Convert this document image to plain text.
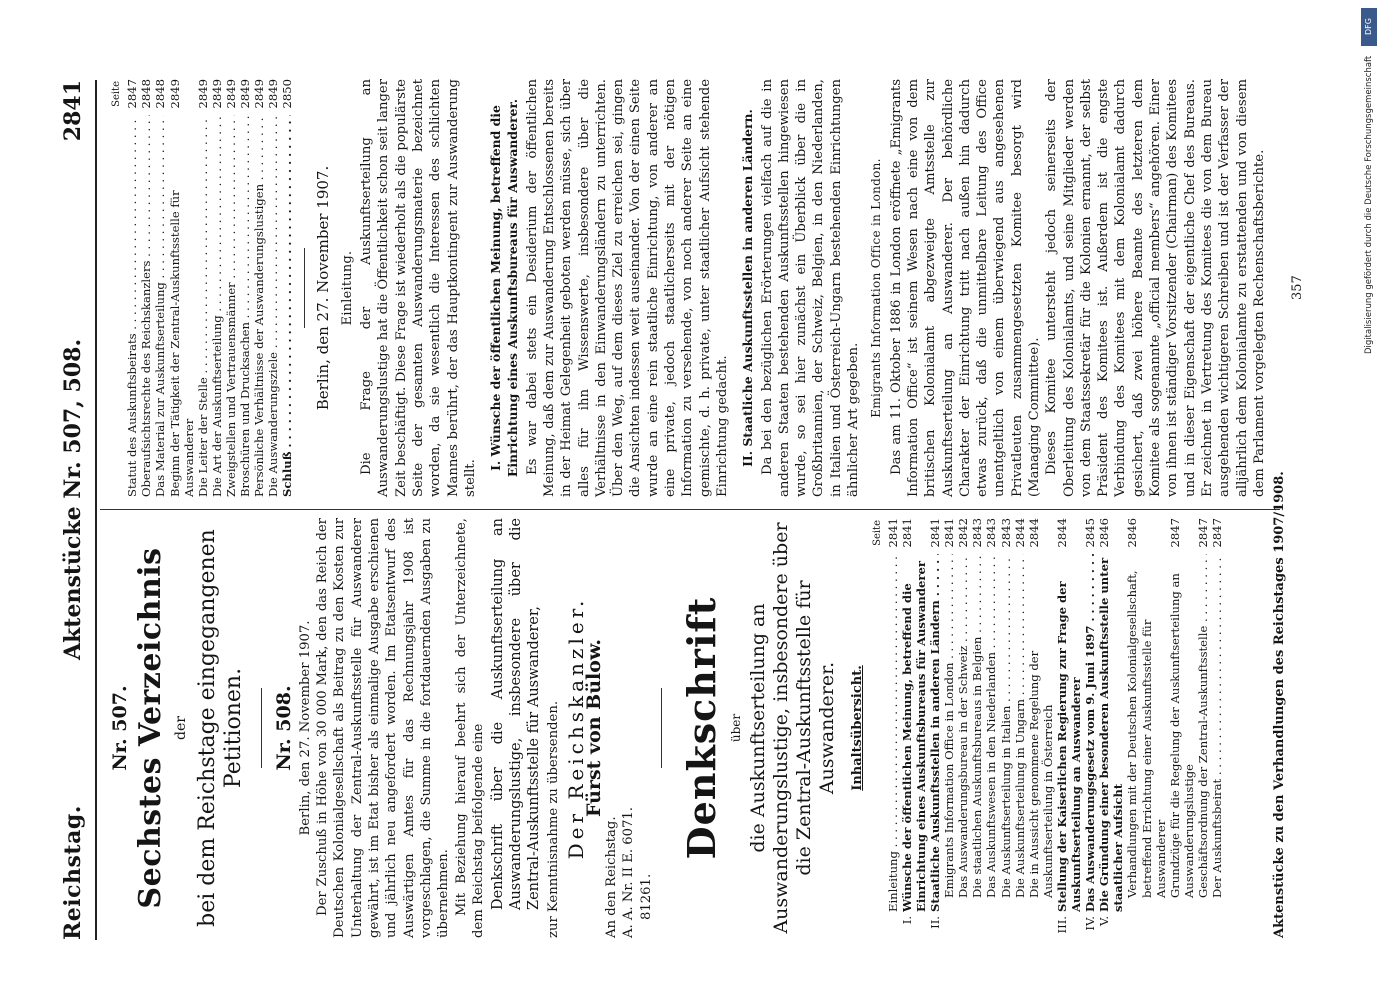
Reichstag.
Aktenstücke Nr. 507, 508.
2841
Nr. 507. Sechstes Verzeichnis der bei dem Reichstage eingegangenen Petitionen. Nr. 508. Berlin, den 27. November 1907. Der Zuschuß in Höhe von 30 000 Mark, den das Reich der Deutschen Kolonialgesellschaft als Beitrag zu den Kosten zur Unterhaltung der Zentral-Auskunftsstelle für Auswanderer gewährt, ist im Etat bisher als einmalige Ausgabe erschienen und jährlich neu angefordert worden. Im Etatsentwurf des Auswärtigen Amtes für das Rechnungsjahr 1908 ist vorgeschlagen, die Summe in die fortdauernden Ausgaben zu übernehmen. Mit Beziehung hierauf beehrt sich der Unterzeichnete, dem Reichstag beifolgende eine Denkschrift über die Auskunftserteilung an Auswanderungslustige, insbesondere über die Zentral-Auskunftsstelle für Auswanderer, zur Kenntnisnahme zu übersenden. Der Reichskanzler.
Fürst von Bülow.
An den Reichstag. A. A. Nr. II E. 6071. 81261.
Denkschrift über die Auskunftserteilung an Auswanderungslustige, insbesondere über die Zentral-Auskunftsstelle für Auswanderer. Inhaltsübersicht.
Seite
Einleitung . . .
2841
I.
Wünsche der öffentlichen Meinung, betreffend die Einrichtung eines Auskunftsbureaus für Auswanderer
2841
II.
Staatliche Auskunftsstellen in anderen Ländern . . .
2841
Emigrants Information Office in London . . .
2841
Das Auswanderungsbureau in der Schweiz . . .
2842
Die staatlichen Auskunftsbureaus in Belgien . . .
2843
Das Auskunftswesen in den Niederlanden . . .
2843
Die Auskunftserteilung in Italien . . .
2843
Die Auskunftserteilung in Ungarn . . .
2844
Die in Aussicht genommene Regelung der Auskunftserteilung in Österreich
2844
III.
Stellung der Kaiserlichen Regierung zur Frage der Auskunftserteilung an Auswanderer
2844
IV.
Das Auswanderungsgesetz vom 9. Juni 1897 . . .
2845
V.
Die Gründung einer besonderen Auskunftsstelle unter staatlicher Aufsicht
2846
Verhandlungen mit der Deutschen Kolonialgesellschaft, betreffend Errichtung einer Auskunftsstelle für Auswanderer
2846
Grundzüge für die Regelung der Auskunftserteilung an Auswanderungslustige
2847
Geschäftsordnung der Zentral-Auskunftsstelle . . .
2847
Der Auskunftsbeirat . . .
2847	Aktenstücke zu den Verhandlungen des Reichstages 1907/1908.
Seite
Statut des Auskunftsbeirats . . .
2847
Oberaufsichtsrechte des Reichskanzlers . . .
2848
Das Material zur Auskunftserteilung . . .
2848
Beginn der Tätigkeit der Zentral-Auskunftsstelle für Auswanderer
2849
Die Leiter der Stelle . . .
2849
Die Art der Auskunftserteilung . . .
2849
Zweigstellen und Vertrauensmänner . . .
2849
Broschüren und Drucksachen . . .
2849
Persönliche Verhältnisse der Auswanderungslustigen . . .
2849
Die Auswanderungsziele . . .
2849
Schluß . . .
2850
Berlin, den 27. November 1907. Einleitung. Die Frage der Auskunftserteilung an Auswanderungslustige hat die Öffentlichkeit schon seit langer Zeit beschäftigt. Diese Frage ist wiederholt als die populärste Seite der gesamten Auswanderungsmaterie bezeichnet worden, da sie wesentlich die Interessen des schlichten Mannes berührt, der das Hauptkontingent zur Auswanderung stellt.

I. Wünsche der öffentlichen Meinung, betreffend die Einrichtung eines Auskunftsbureaus für Auswanderer. Es war dabei stets ein Desiderium der öffentlichen Meinung, daß dem zur Auswanderung Entschlossenen bereits in der Heimat Gelegenheit geboten werden müsse, sich über alles für ihn Wissenswerte, insbesondere über die Verhältnisse in den Einwanderungsländern zu unterrichten. Über den Weg, auf dem dieses Ziel zu erreichen sei, gingen die Ansichten indessen weit auseinander. Von der einen Seite wurde an eine rein staatliche Einrichtung, von anderer an eine private, jedoch staatlicherseits mit der nötigen Information zu versehende, von noch anderer Seite an eine gemischte, d. h. private, unter staatlicher Aufsicht stehende Einrichtung gedacht. II. Staatliche Auskunftsstellen in anderen Ländern. Da bei den bezüglichen Erörterungen vielfach auf die in anderen Staaten bestehenden Auskunftsstellen hingewiesen wurde, so sei hier zunächst ein Überblick über die in Großbritannien, der Schweiz, Belgien, in den Niederlanden, in Italien und Österreich-Ungarn bestehenden Einrichtungen ähnlicher Art gegeben.

Emigrants Information Office in London. Das am 11. Oktober 1886 in London eröffnete „Emigrants Information Office“ ist seinem Wesen nach eine von dem britischen Kolonialamt abgezweigte Amtsstelle zur Auskunftserteilung an Auswanderer. Der behördliche Charakter der Einrichtung tritt nach außen hin dadurch etwas zurück, daß die unmittelbare Leitung des Office unentgeltlich von einem überwiegend aus angesehenen Privatleuten zusammengesetzten Komitee besorgt wird (Managing Committee). Dieses Komitee untersteht jedoch seinerseits der Oberleitung des Kolonialamts, und seine Mitglieder werden von dem Staatssekretär für die Kolonien ernannt, der selbst Präsident des Komitees ist. Außerdem ist die engste Verbindung des Komitees mit dem Kolonialamt dadurch gesichert, daß zwei höhere Beamte des letzteren dem Komitee als sogenannte „official members“ angehören. Einer von ihnen ist ständiger Vorsitzender (Chairman) des Komitees und in dieser Eigenschaft der eigentliche Chef des Bureaus. Er zeichnet in Vertretung des Komitees die von dem Bureau ausgehenden wichtigeren Schreiben und ist der Verfasser der alljährlich dem Kolonialamte zu erstattenden und von diesem dem Parlament vorgelegten Rechenschaftsberichte. 357
DFG
Digitalisierung gefördert durch die Deutsche Forschungsgemeinschaft
